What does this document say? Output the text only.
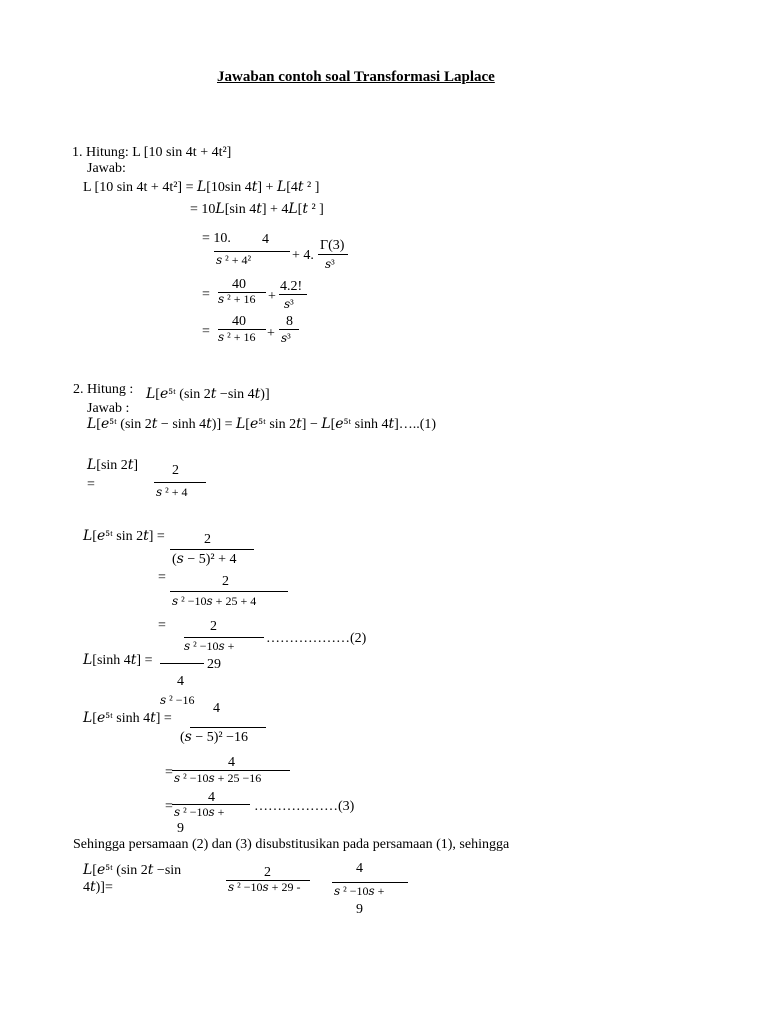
Jawaban contoh soal Transformasi Laplace
1. Hitung: L [10 sin 4t + 4t²]
Jawab:
L [10 sin 4t + 4t²] = 𝐿[10sin 4𝑡] + 𝐿[4𝑡 ² ]
= 10𝐿[sin 4𝑡] + 4𝐿[𝑡 ² ]
= 10. 4
𝑠 ² + 4²	+ 4.
Γ(3)
𝑠³
=
40
𝑠 ² + 16 +
4.2!
𝑠³
=
40
𝑠 ² + 16 +
8
𝑠³
2. Hitung : 𝐿[𝑒⁵ᵗ (sin 2𝑡 −sin 4𝑡)]
Jawab :
𝐿[𝑒⁵ᵗ (sin 2𝑡 − sinh 4𝑡)] = 𝐿[𝑒⁵ᵗ sin 2𝑡] − 𝐿[𝑒⁵ᵗ sinh 4𝑡]…..(1)
𝐿[sin 2𝑡]
=
2
𝑠 ² + 4
𝐿[𝑒⁵ᵗ sin 2𝑡] =	2
(𝑠 − 5)² + 4
=	2
𝑠 ² −10𝑠 + 25 + 4
=	2
𝑠 ² −10𝑠 + ………………(2)
𝐿[sinh 4𝑡] =	29
4
𝑠 ² −16
𝐿[𝑒⁵ᵗ sinh 4𝑡] =
4
(𝑠 − 5)² −16
=
4
𝑠 ² −10𝑠 + 25 −16
=
4
𝑠 ² −10𝑠 +
9
………………(3)
Sehingga persamaan (2) dan (3) disubstitusikan pada persamaan (1), sehingga
𝐿[𝑒⁵ᵗ (sin 2𝑡 −sin
4𝑡)]=
2
𝑠 ² −10𝑠 + 29 -
4
𝑠 ² −10𝑠 +
9
